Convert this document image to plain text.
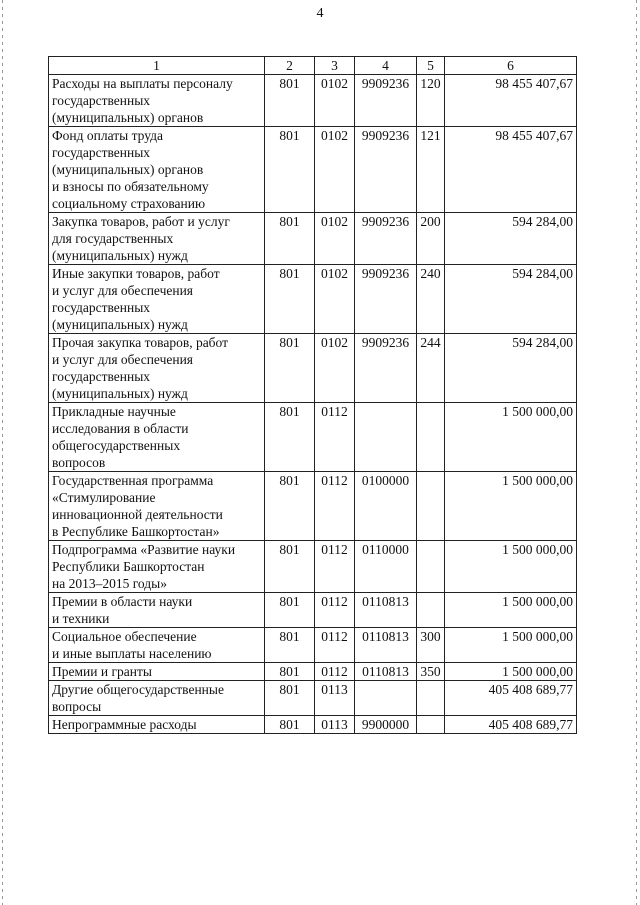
4
1	2	3	4	5	6
Расходы на выплаты персоналу
государственных
(муниципальных) органов	801	0102	9909236	120	98 455 407,67
Фонд оплаты труда
государственных
(муниципальных) органов
и взносы по обязательному
социальному страхованию	801	0102	9909236	121	98 455 407,67
Закупка товаров, работ и услуг
для государственных
(муниципальных) нужд	801	0102	9909236	200	594 284,00
Иные закупки товаров, работ
и услуг для обеспечения
государственных
(муниципальных) нужд	801	0102	9909236	240	594 284,00
Прочая закупка товаров, работ
и услуг для обеспечения
государственных
(муниципальных) нужд	801	0102	9909236	244	594 284,00
Прикладные научные
исследования в области
общегосударственных
вопросов	801	0112			1 500 000,00
Государственная программа
«Стимулирование
инновационной деятельности
в Республике Башкортостан»	801	0112	0100000		1 500 000,00
Подпрограмма «Развитие науки
Республики Башкортостан
на 2013–2015 годы»	801	0112	0110000		1 500 000,00
Премии в области науки
и техники	801	0112	0110813		1 500 000,00
Социальное обеспечение
и иные выплаты населению	801	0112	0110813	300	1 500 000,00
Премии и гранты	801	0112	0110813	350	1 500 000,00
Другие общегосударственные
вопросы	801	0113			405 408 689,77
Непрограммные расходы	801	0113	9900000		405 408 689,77
